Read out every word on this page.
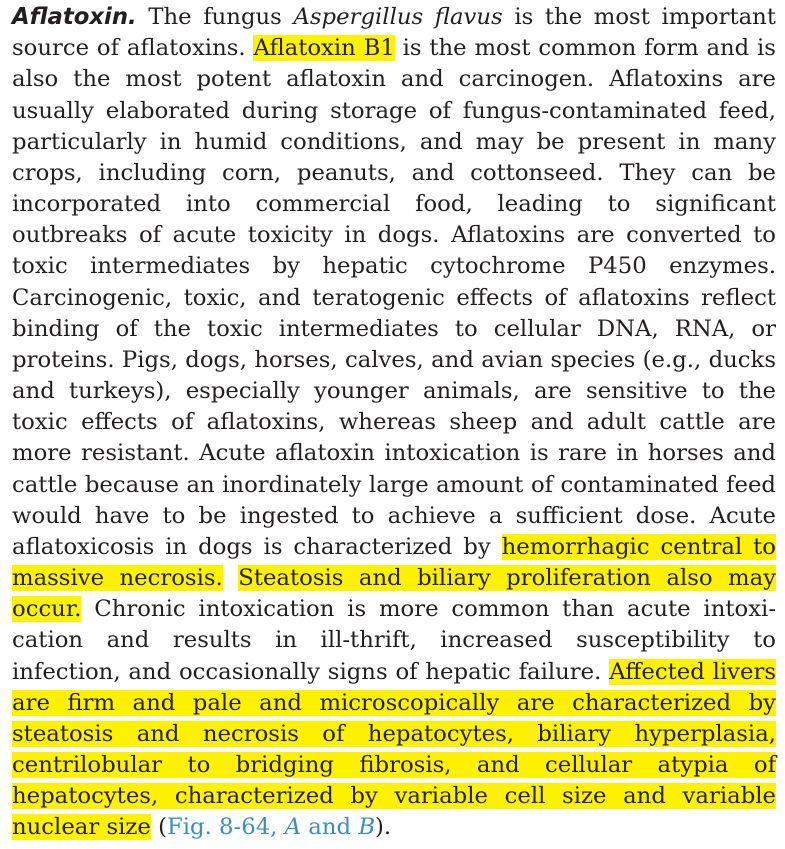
Aflatoxin. The fungus Aspergillus flavus is the most important source of aflatoxins. Aflatoxin B1 is the most common form and is also the most potent aflatoxin and carcinogen. Aflatoxins are usually elaborated during storage of fungus-contaminated feed, particularly in humid conditions, and may be present in many crops, including corn, peanuts, and cottonseed. They can be incorporated into commercial food, leading to significant outbreaks of acute toxicity in dogs. Aflatoxins are converted to toxic intermediates by hepatic cytochrome P450 enzymes. Carcinogenic, toxic, and teratogenic effects of aflatoxins reflect binding of the toxic intermediates to cellular DNA, RNA, or proteins. Pigs, dogs, horses, calves, and avian species (e.g., ducks and turkeys), especially younger animals, are sensitive to the toxic effects of aflatoxins, whereas sheep and adult cattle are more resistant. Acute aflatoxin intoxication is rare in horses and cattle because an inordinately large amount of contaminated feed would have to be ingested to achieve a sufficient dose. Acute aflatoxicosis in dogs is characterized by hemorrhagic central to massive necrosis. Steatosis and biliary proliferation also may occur. Chronic intoxication is more common than acute intoxication and results in ill-thrift, increased susceptibility to infection, and occasionally signs of hepatic failure. Affected livers are firm and pale and microscopically are characterized by steatosis and necrosis of hepatocytes, biliary hyperplasia, centrilobular to bridging fibrosis, and cellular atypia of hepatocytes, characterized by variable cell size and variable nuclear size (Fig. 8-64, A and B).
